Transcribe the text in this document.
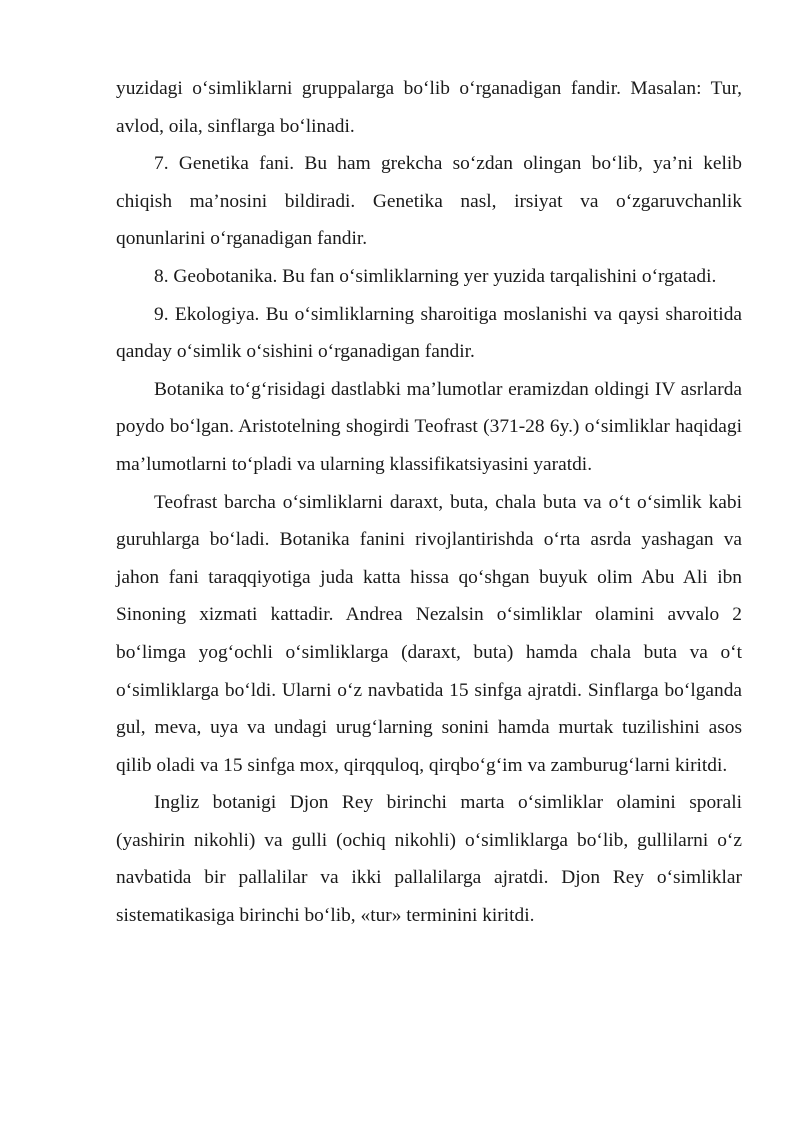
yuzidagi o‘simliklarni gruppalarga bo‘lib o‘rganadigan fandir. Masalan: Tur, avlod, oila, sinflarga bo‘linadi.

7. Genetika fani. Bu ham grekcha so‘zdan olingan bo‘lib, ya’ni kelib chiqish ma’nosini bildiradi. Genetika nasl, irsiyat va o‘zgaruvchanlik qonunlarini o‘rganadigan fandir.

8. Geobotanika. Bu fan o‘simliklarning yer yuzida tarqalishini o‘rgatadi.

9. Ekologiya. Bu o‘simliklarning sharoitiga moslanishi va qaysi sharoitida qanday o‘simlik o‘sishini o‘rganadigan fandir.

Botanika to‘g‘risidagi dastlabki ma’lumotlar eramizdan oldingi IV asrlarda poydo bo‘lgan. Aristotelning shogirdi Teofrast (371-28 6y.) o‘simliklar haqidagi ma’lumotlarni to‘pladi va ularning klassifikatsiyasini yaratdi.

Teofrast barcha o‘simliklarni daraxt, buta, chala buta va o‘t o‘simlik kabi guruhlarga bo‘ladi. Botanika fanini rivojlantirishda o‘rta asrda yashagan va jahon fani taraqqiyotiga juda katta hissa qo‘shgan buyuk olim Abu Ali ibn Sinoning xizmati kattadir. Andrea Nezalsin o‘simliklar olamini avvalo 2 bo‘limga yog‘ochli o‘simliklarga (daraxt, buta) hamda chala buta va o‘t o‘simliklarga bo‘ldi. Ularni o‘z navbatida 15 sinfga ajratdi. Sinflarga bo‘lganda gul, meva, uya va undagi urug‘larning sonini hamda murtak tuzilishini asos qilib oladi va 15 sinfga mox, qirqquloq, qirqbo‘g‘im va zamburug‘larni kiritdi.

Ingliz botanigi Djon Rey birinchi marta o‘simliklar olamini sporali (yashirin nikohli) va gulli (ochiq nikohli) o‘simliklarga bo‘lib, gullilarni o‘z navbatida bir pallalilar va ikki pallalilarga ajratdi. Djon Rey o‘simliklar sistematikasiga birinchi bo‘lib, «tur» terminini kiritdi.
